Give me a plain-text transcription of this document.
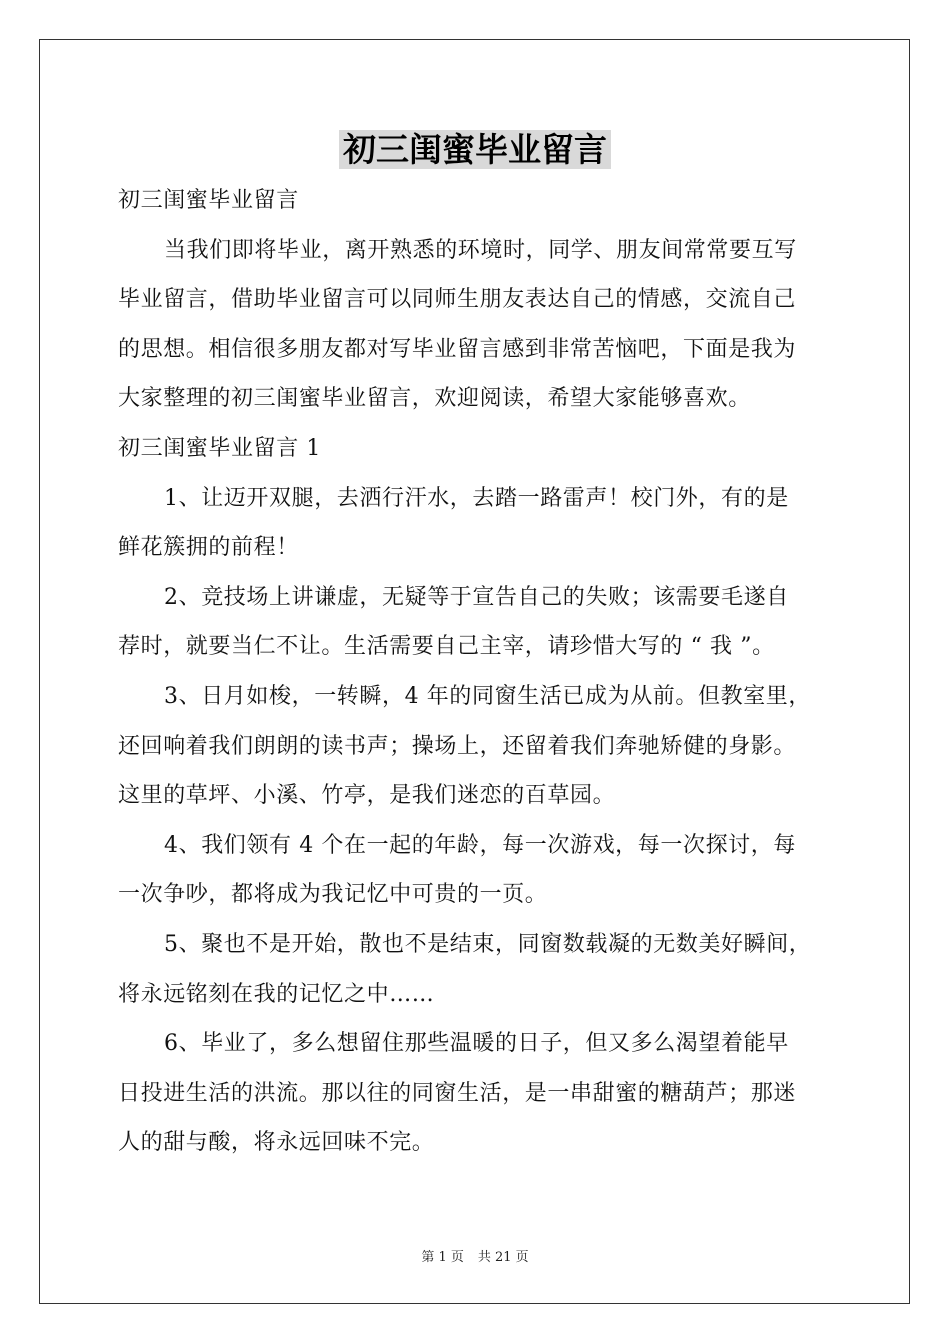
初三闺蜜毕业留言
初三闺蜜毕业留言
当我们即将毕业，离开熟悉的环境时，同学、朋友间常常要互写
毕业留言，借助毕业留言可以同师生朋友表达自己的情感，交流自己
的思想。相信很多朋友都对写毕业留言感到非常苦恼吧，下面是我为
大家整理的初三闺蜜毕业留言，欢迎阅读，希望大家能够喜欢。
初三闺蜜毕业留言 1
1、让迈开双腿，去洒行汗水，去踏一路雷声！校门外，有的是
鲜花簇拥的前程！
2、竞技场上讲谦虚，无疑等于宣告自己的失败；该需要毛遂自
荐时，就要当仁不让。生活需要自己主宰，请珍惜大写的 “ 我 ”。
3、日月如梭，一转瞬，4 年的同窗生活已成为从前。但教室里，
还回响着我们朗朗的读书声；操场上，还留着我们奔驰矫健的身影。
这里的草坪、小溪、竹亭，是我们迷恋的百草园。
4、我们领有 4 个在一起的年龄，每一次游戏，每一次探讨，每
一次争吵，都将成为我记忆中可贵的一页。
5、聚也不是开始，散也不是结束，同窗数载凝的无数美好瞬间，
将永远铭刻在我的记忆之中……
6、毕业了，多么想留住那些温暖的日子，但又多么渴望着能早
日投进生活的洪流。那以往的同窗生活，是一串甜蜜的糖葫芦；那迷
人的甜与酸，将永远回味不完。
第 1 页 共 21 页
